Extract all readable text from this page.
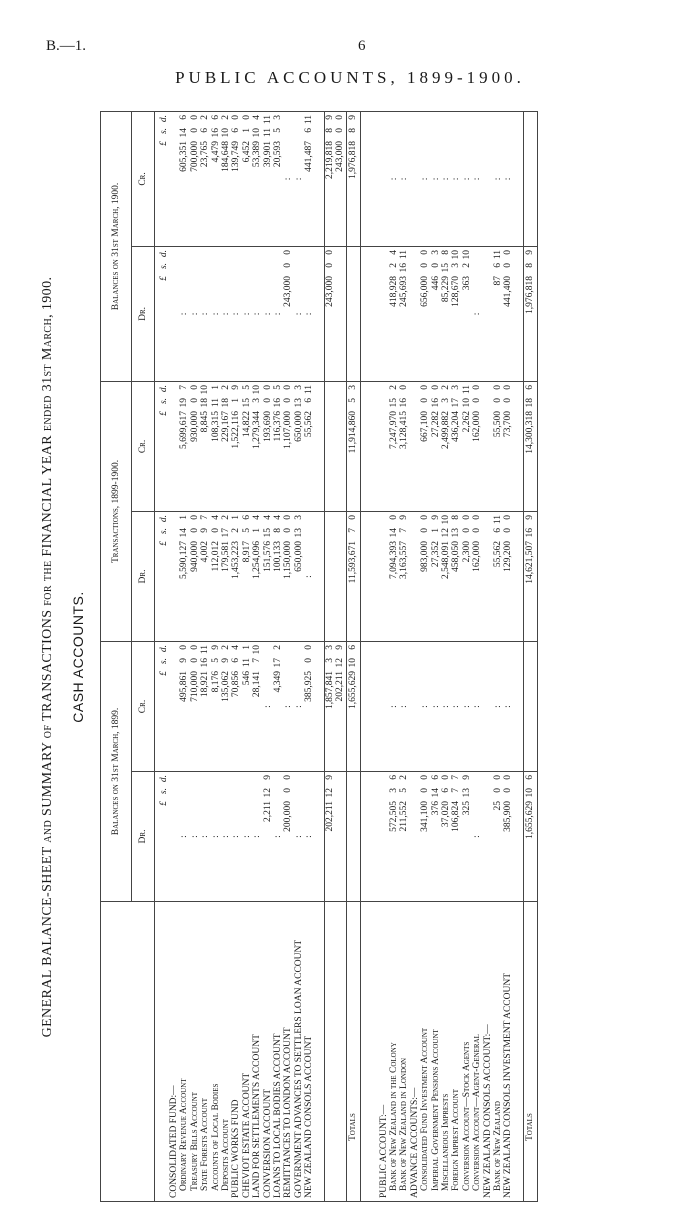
B.—1.	6
PUBLIC ACCOUNTS, 1899-1900.
GENERAL BALANCE-SHEET and SUMMARY of TRANSACTIONS for the FINANCIAL YEAR ended 31st March, 1900. CASH ACCOUNTS.
	Balances on 31st March, 1899.		Transactions, 1899-1900.		Balances on 31st March, 1900.	
	Dr.	Cr.	Dr.	Cr.	Dr.	Cr.
	£s.d.	£s.d.	£s.d.	£s.d.	£s.d.	£s.d.
CONSOLIDATED FUND:—						
Ordinary Revenue Account	:	495,86190	5,590,127141	5,699,617197	:	605,351146
Treasury Bills Account	:	710,00000	940,00000	930,00000	:	700,00000
State Forests Account	:	18,9211611	4,00297	8,8451810	:	23,76562
Accounts of Local Bodies	:	8,17659	112,01204	108,315111	:	4,479166
Deposits Account	:	135,06292	179,581172	229,167182	:	184,648102
PUBLIC WORKS FUND	:	70,85664	1,453,22321	1,522,11619	:	139,74960
CHEVIOT ESTATE ACCOUNT	:	546111	8,91756	14,822155	:	6,45210
LAND FOR SETTLEMENTS ACCOUNT	:	28,141710	1,254,09614	1,279,344310	:	53,389104
CONVERSION ACCOUNT	2,211129	:	151,576154	193,69000	:	39,9011111
LOANS TO LOCAL BODIES ACCOUNT	:	4,349172	100,13384	116,376165	:	20,59353
REMITTANCES TO LONDON ACCOUNT	200,00000	:	1,150,00000	1,107,00000	243,00000	:
GOVERNMENT ADVANCES TO SETTLERS LOAN ACCOUNT	:	:	650,000133	650,000133	:	:
NEW ZEALAND CONSOLS ACCOUNT	:	385,92500	:	55,562611	:	441,487611

	202,211129	1,857,84133			243,00000	2,219,81889
		202,211129				243,00000
Totals		1,655,629106	11,593,67170	11,914,86053		1,976,81889

PUBLIC ACCOUNT:—						
Bank of New Zealand in the Colony	572,50536	:	7,094,393140	7,247,970152	418,92824	:
Bank of New Zealand in London	211,55252	:	3,163,55779	3,128,415160	245,6931611	:
ADVANCE ACCOUNTS:—						
Consolidated Fund Investment Account	341,10000	:	983,00000	667,10000	656,00000	:
Imperial Government Pensions Account	376146	:	27,35219	27,282160	44603	:
Miscellaneous Imprests	37,02060	:	2,548,0911210	2,499,88232	85,229158	:
Foreign Imprest Account	106,82477	:	458,050138	436,204173	128,670310	:
Conversion Account—Stock Agents	325139	:	2,30000	2,2621011	363210	:
Conversion Account—Agent-General	:	:	162,00000	162,00000	:	:
NEW ZEALAND CONSOLS ACCOUNT:—						
Bank of New Zealand	2500	:	55,562611	55,50000	87611	:
NEW ZEALAND CONSOLS INVESTMENT ACCOUNT	385,90000	:	129,20000	73,70000	441,40000	:

Totals	1,655,629106		14,621,507169	14,300,318186	1,976,81889	
